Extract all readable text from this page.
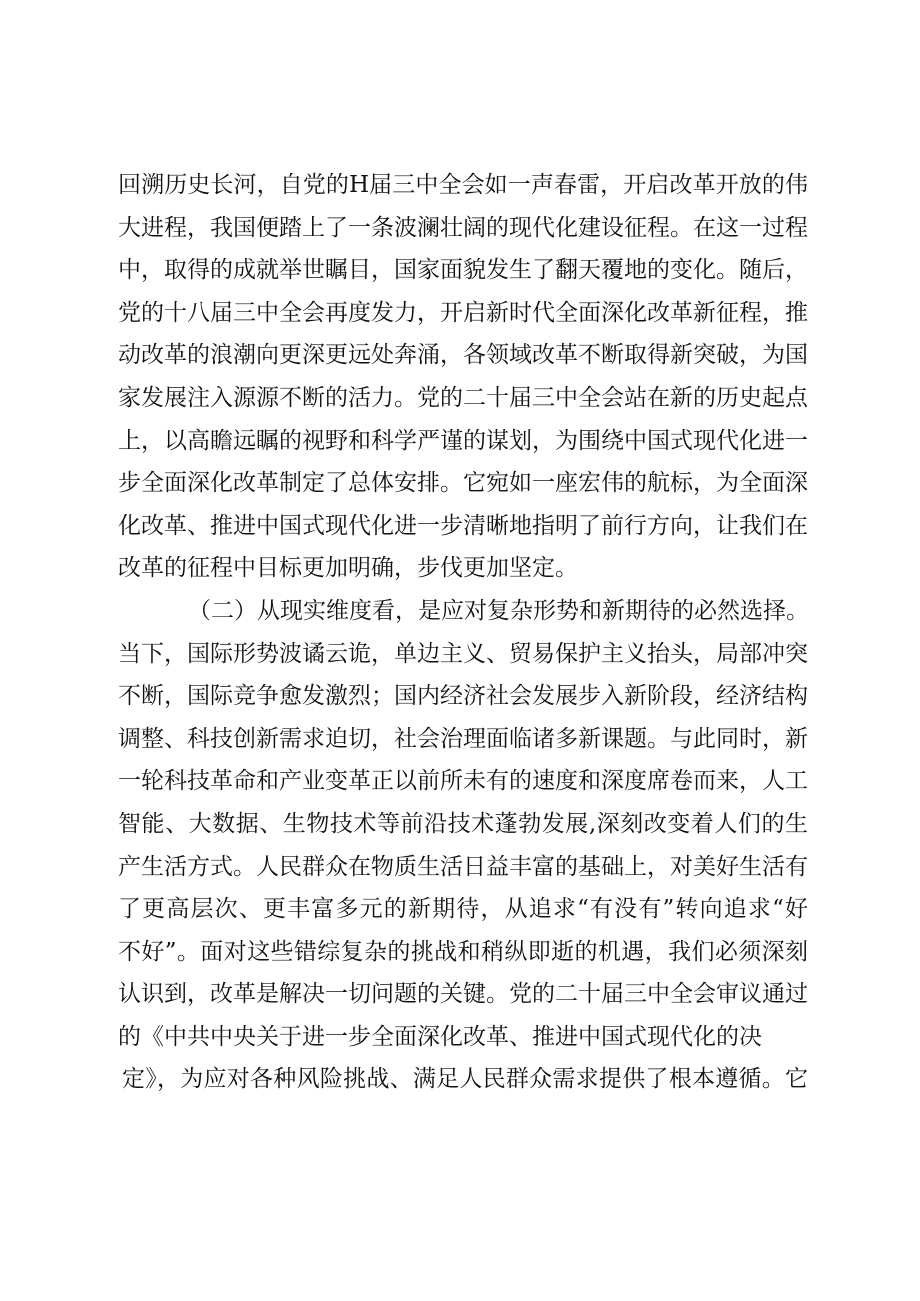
回溯历史长河，自党的H届三中全会如一声春雷，开启改革开放的伟
大进程，我国便踏上了一条波澜壮阔的现代化建设征程。在这一过程
中，取得的成就举世瞩目，国家面貌发生了翻天覆地的变化。随后，
党的十八届三中全会再度发力，开启新时代全面深化改革新征程，推
动改革的浪潮向更深更远处奔涌，各领域改革不断取得新突破，为国
家发展注入源源不断的活力。党的二十届三中全会站在新的历史起点
上，以高瞻远瞩的视野和科学严谨的谋划，为围绕中国式现代化进一
步全面深化改革制定了总体安排。它宛如一座宏伟的航标，为全面深
化改革、推进中国式现代化进一步清晰地指明了前行方向，让我们在
改革的征程中目标更加明确，步伐更加坚定。
（二）从现实维度看，是应对复杂形势和新期待的必然选择。
当下，国际形势波谲云诡，单边主义、贸易保护主义抬头，局部冲突
不断，国际竞争愈发激烈；国内经济社会发展步入新阶段，经济结构
调整、科技创新需求迫切，社会治理面临诸多新课题。与此同时，新
一轮科技革命和产业变革正以前所未有的速度和深度席卷而来，人工
智能、大数据、生物技术等前沿技术蓬勃发展,深刻改变着人们的生
产生活方式。人民群众在物质生活日益丰富的基础上，对美好生活有
了更高层次、更丰富多元的新期待，从追求“有没有”转向追求“好
不好”。面对这些错综复杂的挑战和稍纵即逝的机遇，我们必须深刻
认识到，改革是解决一切问题的关键。党的二十届三中全会审议通过
的《中共中央关于进一步全面深化改革、推进中国式现代化的决
定》，为应对各种风险挑战、满足人民群众需求提供了根本遵循。它
